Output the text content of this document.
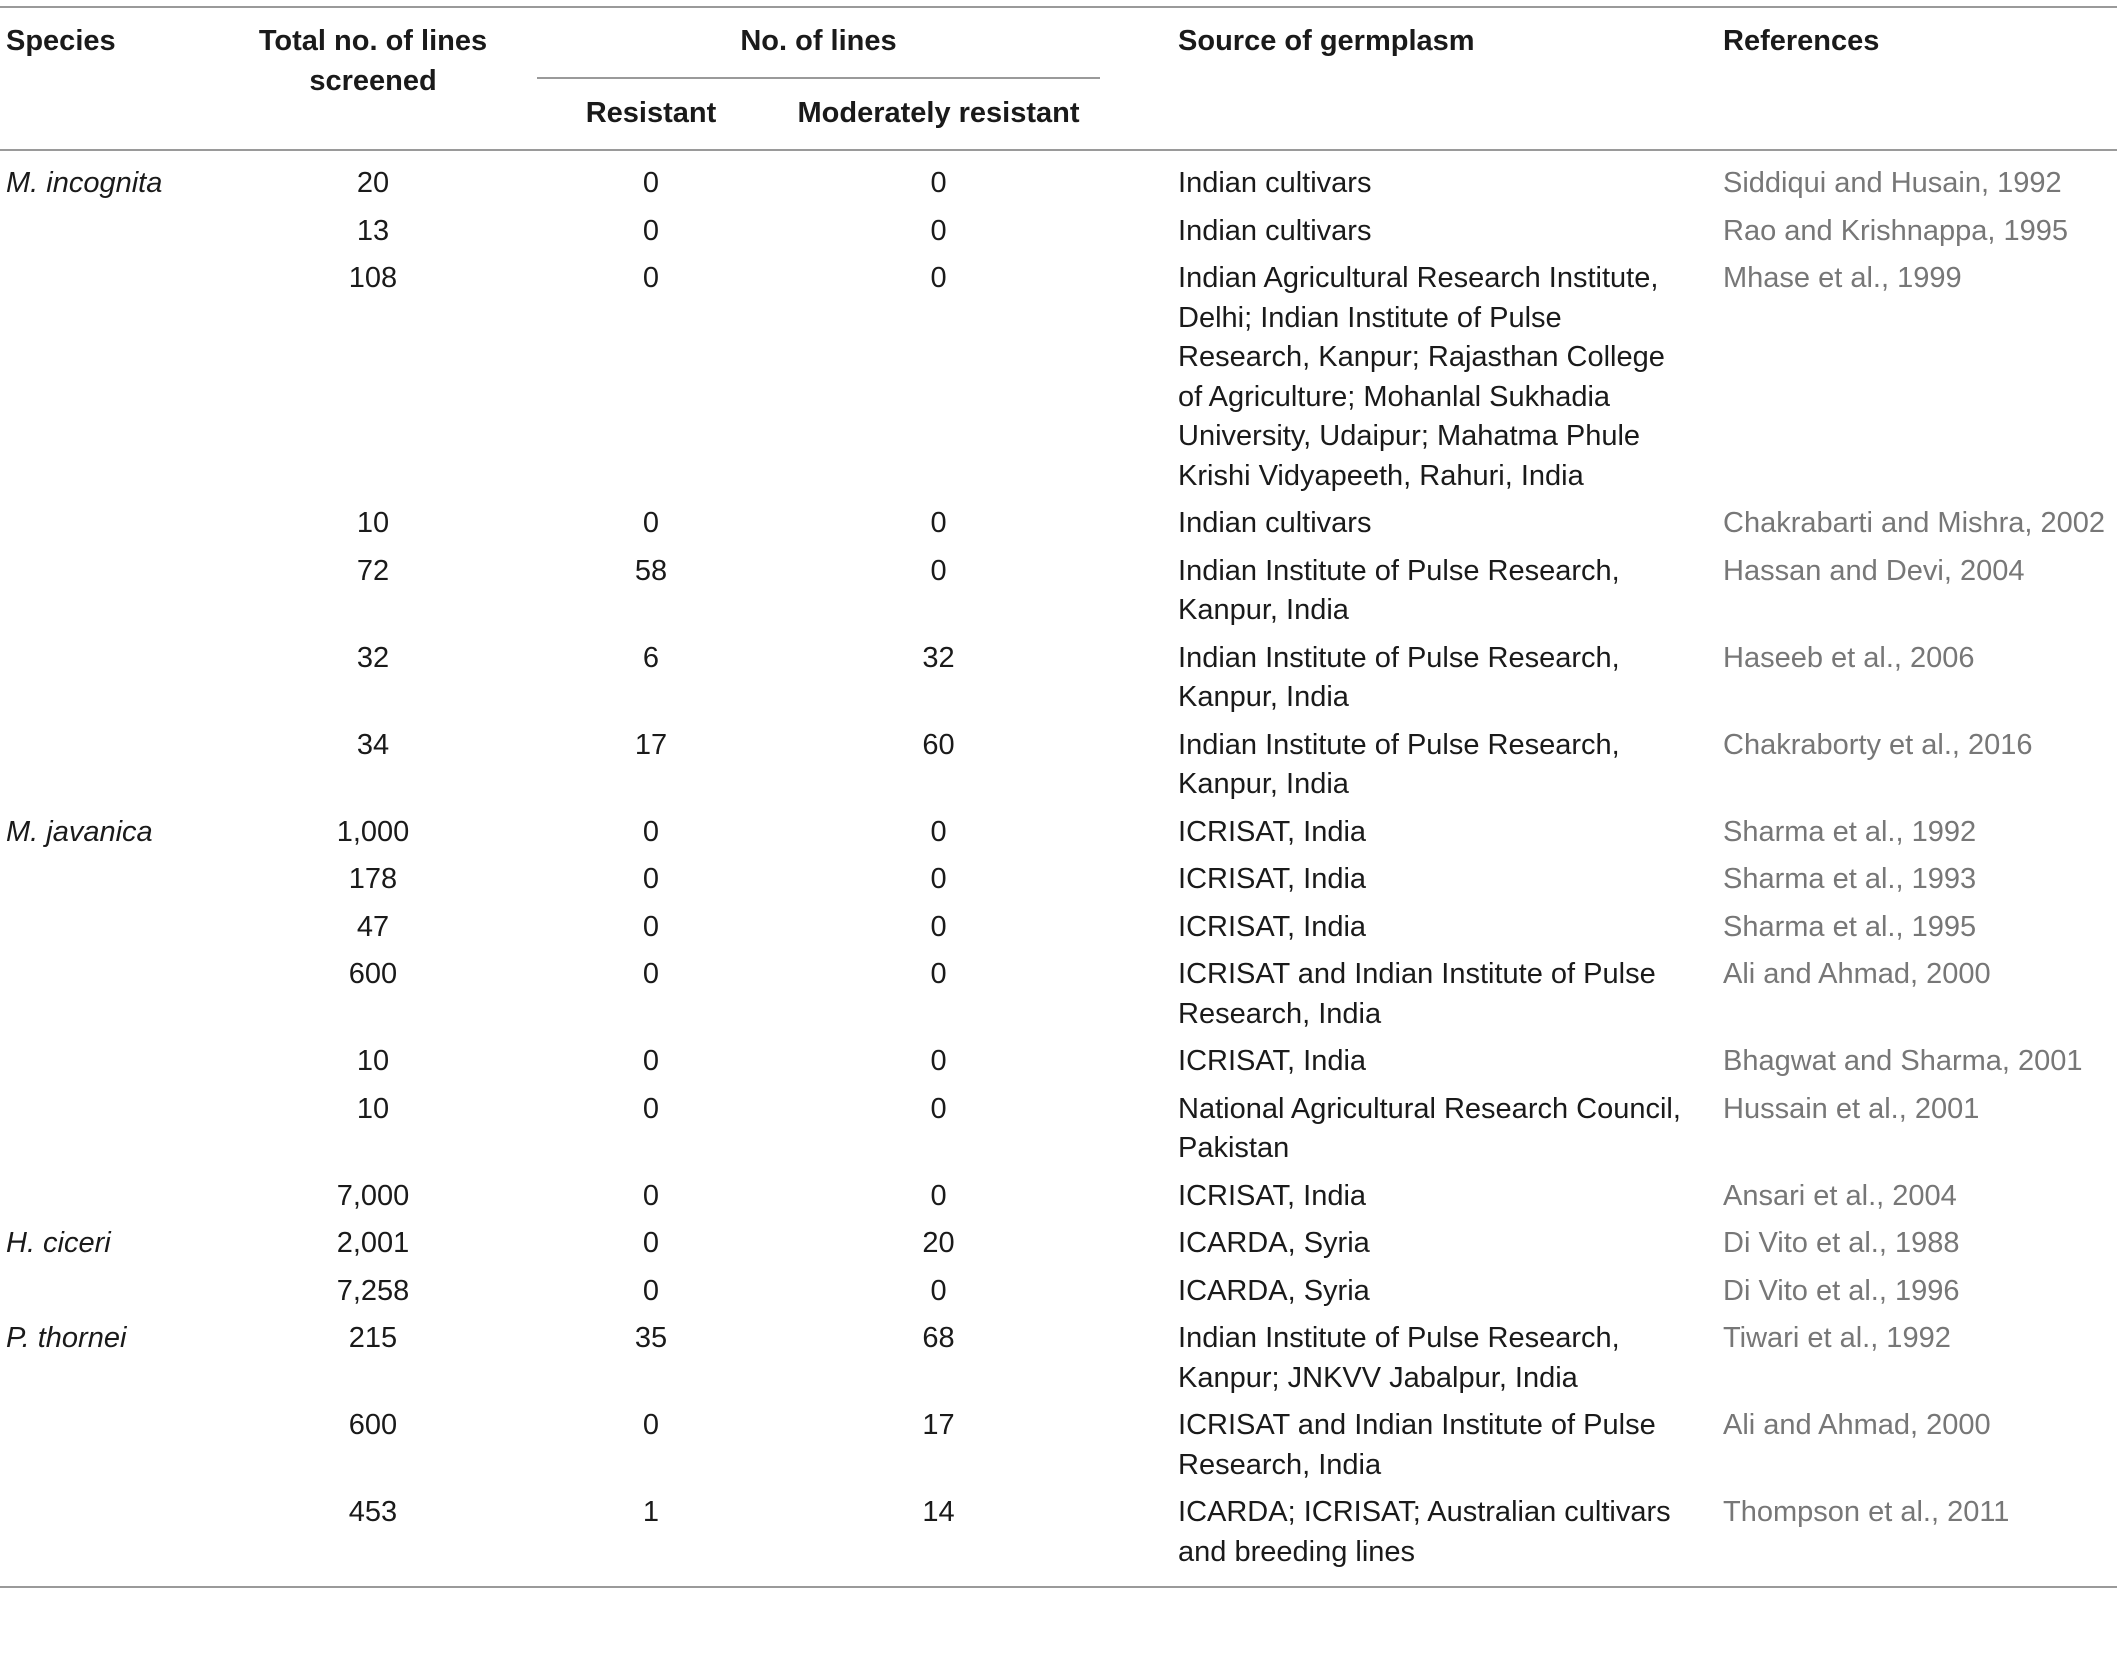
Species	Total no. of lines screened	No. of lines		Source of germplasm	References
		Resistant	Moderately resistant		
M. incognita	20	0	0	Indian cultivars	Siddiqui and Husain, 1992
	13	0	0	Indian cultivars	Rao and Krishnappa, 1995
	108	0	0	Indian Agricultural Research Institute, Delhi; Indian Institute of Pulse Research, Kanpur; Rajasthan College of Agriculture; Mohanlal Sukhadia University, Udaipur; Mahatma Phule Krishi Vidyapeeth, Rahuri, India	Mhase et al., 1999
	10	0	0	Indian cultivars	Chakrabarti and Mishra, 2002
	72	58	0	Indian Institute of Pulse Research, Kanpur, India	Hassan and Devi, 2004
	32	6	32	Indian Institute of Pulse Research, Kanpur, India	Haseeb et al., 2006
	34	17	60	Indian Institute of Pulse Research, Kanpur, India	Chakraborty et al., 2016
M. javanica	1,000	0	0	ICRISAT, India	Sharma et al., 1992
	178	0	0	ICRISAT, India	Sharma et al., 1993
	47	0	0	ICRISAT, India	Sharma et al., 1995
	600	0	0	ICRISAT and Indian Institute of Pulse Research, India	Ali and Ahmad, 2000
	10	0	0	ICRISAT, India	Bhagwat and Sharma, 2001
	10	0	0	National Agricultural Research Council, Pakistan	Hussain et al., 2001
	7,000	0	0	ICRISAT, India	Ansari et al., 2004
H. ciceri	2,001	0	20	ICARDA, Syria	Di Vito et al., 1988
	7,258	0	0	ICARDA, Syria	Di Vito et al., 1996
P. thornei	215	35	68	Indian Institute of Pulse Research, Kanpur; JNKVV Jabalpur, India	Tiwari et al., 1992
	600	0	17	ICRISAT and Indian Institute of Pulse Research, India	Ali and Ahmad, 2000
	453	1	14	ICARDA; ICRISAT; Australian cultivars and breeding lines	Thompson et al., 2011
